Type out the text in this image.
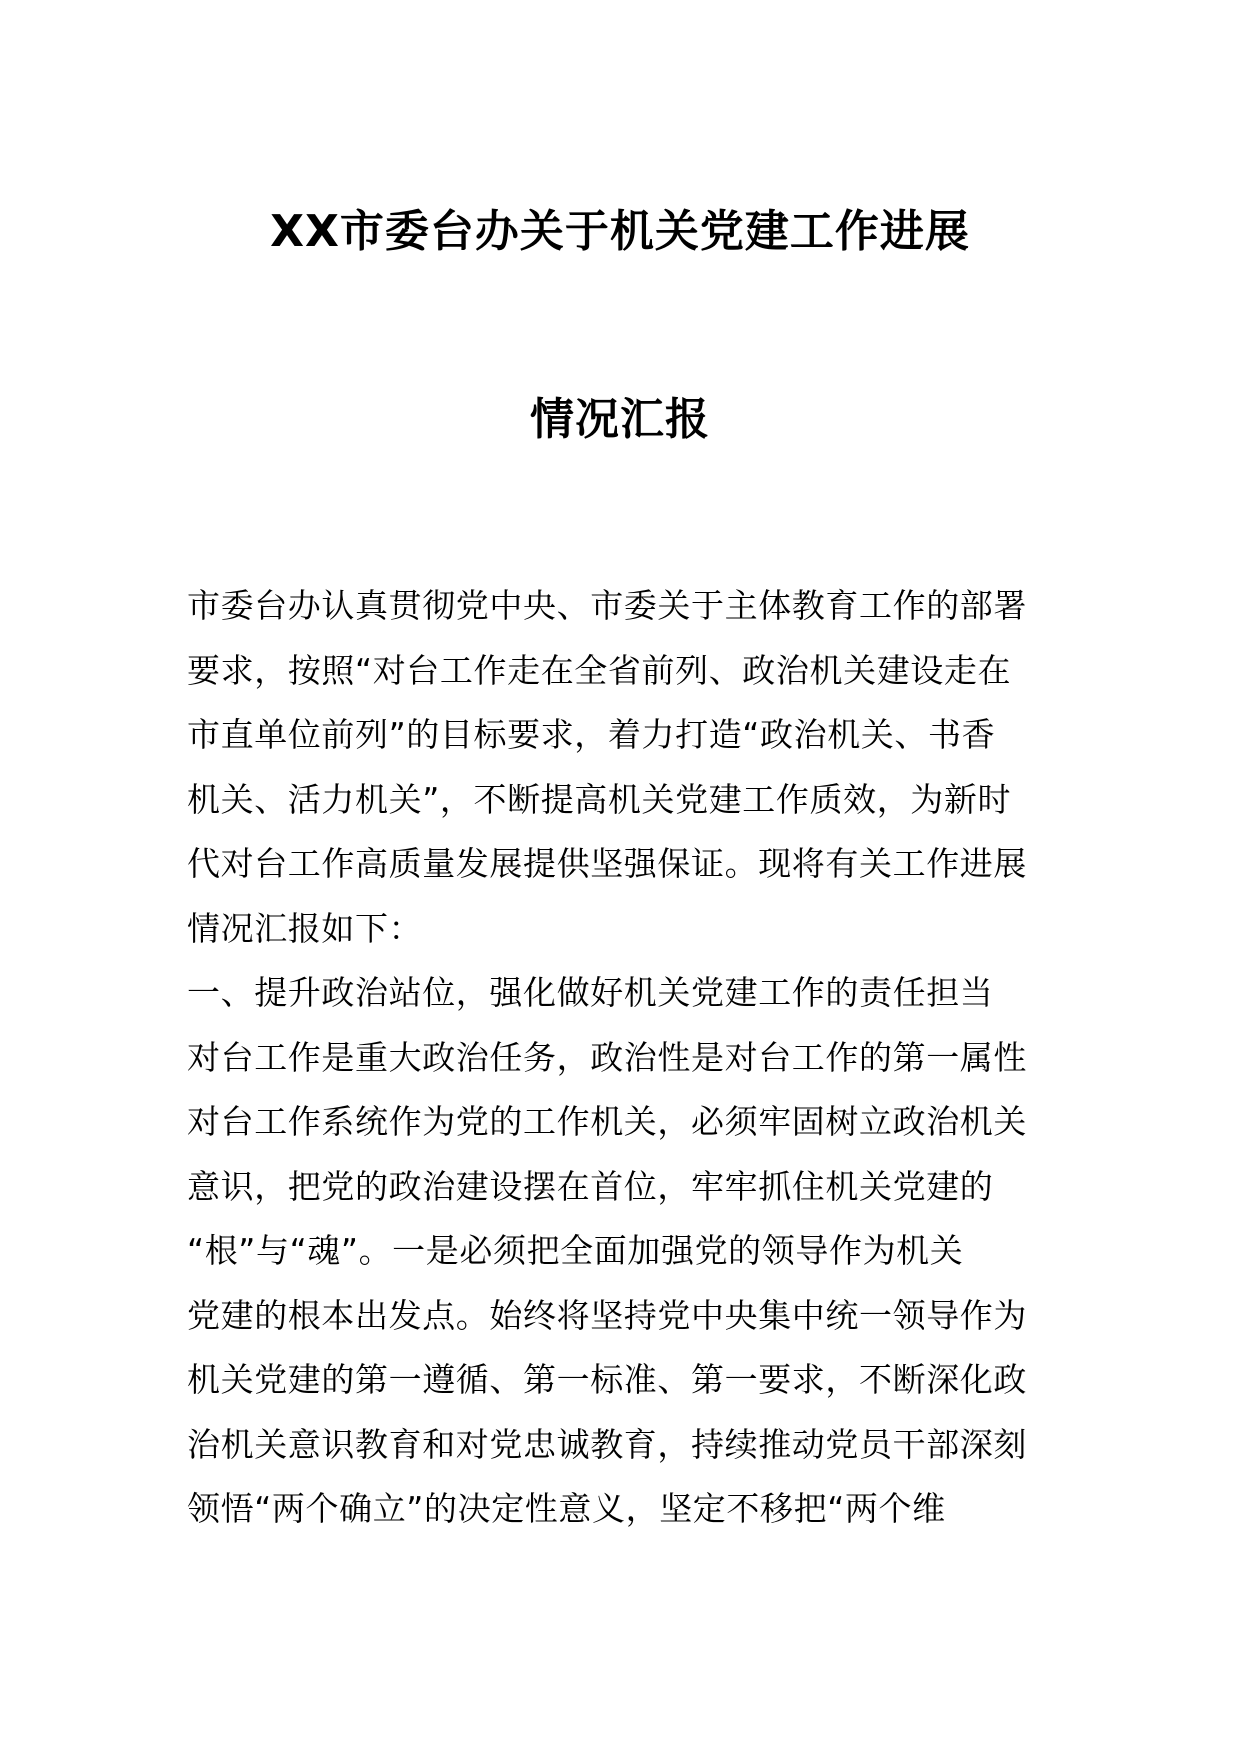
XX市委台办关于机关党建工作进展
情况汇报
市委台办认真贯彻党中央、市委关于主体教育工作的部署
要求，按照“对台工作走在全省前列、政治机关建设走在
市直单位前列”的目标要求，着力打造“政治机关、书香
机关、活力机关”，不断提高机关党建工作质效，为新时
代对台工作高质量发展提供坚强保证。现将有关工作进展
情况汇报如下：
一、提升政治站位，强化做好机关党建工作的责任担当
对台工作是重大政治任务，政治性是对台工作的第一属性
对台工作系统作为党的工作机关，必须牢固树立政治机关
意识，把党的政治建设摆在首位，牢牢抓住机关党建的
“根”与“魂”。一是必须把全面加强党的领导作为机关
党建的根本出发点。始终将坚持党中央集中统一领导作为
机关党建的第一遵循、第一标准、第一要求，不断深化政
治机关意识教育和对党忠诚教育，持续推动党员干部深刻
领悟“两个确立”的决定性意义，坚定不移把“两个维
